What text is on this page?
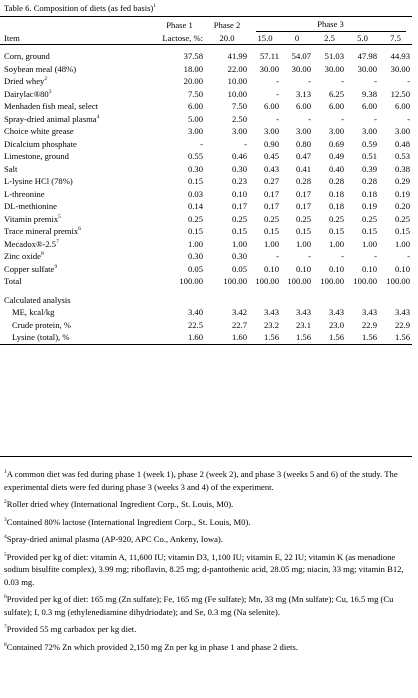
Table 6. Composition of diets (as fed basis)$^1$
	Phase 1	Phase 2	Phase 3				
Item	Lactose, %:	20.0	15.0	0	2.5	5.0	7.5

Corn, ground	37.58	41.99	57.11	54.07	51.03	47.98	44.93
Soybean meal (48%)	18.00	22.00	30.00	30.00	30.00	30.00	30.00
Dried whey$^2$	20.00	10.00	-	-	-	-	-
$Dairylac®80^3$	7.50	10.00	-	3.13	6.25	9.38	12.50
Menhaden fish meal, select	6.00	7.50	6.00	6.00	6.00	6.00	6.00
Spray-dried animal plasma$^4$	5.00	2.50	-	-	-	-	-
Choice white grease	3.00	3.00	3.00	3.00	3.00	3.00	3.00
Dicalcium phosphate	-	-	0.90	0.80	0.69	0.59	0.48
Limestone, ground	0.55	0.46	0.45	0.47	0.49	0.51	0.53
Salt	0.30	0.30	0.43	0.41	0.40	0.39	0.38
L-lysine HCl (78%)	0.15	0.23	0.27	0.28	0.28	0.28	0.29
L-threonine	0.03	0.10	0.17	0.17	0.18	0.18	0.19
DL-methionine	0.14	0.17	0.17	0.17	0.18	0.19	0.20
Vitamin premix$^5$	0.25	0.25	0.25	0.25	0.25	0.25	0.25
Trace mineral premix$^6$	0.15	0.15	0.15	0.15	0.15	0.15	0.15
$Mecadox®-2.5^7$	1.00	1.00	1.00	1.00	1.00	1.00	1.00
Zinc oxide$^8$	0.30	0.30	-	-	-	-	-
Copper sulfate$^9$	0.05	0.05	0.10	0.10	0.10	0.10	0.10
Total	100.00	100.00	100.00	100.00	100.00	100.00	100.00

Calculated analysis							
ME, kcal/kg	3.40	3.42	3.43	3.43	3.43	3.43	3.43
Crude protein, %	22.5	22.7	23.2	23.1	23.0	22.9	22.9
Lysine (total), %	1.60	1.60	1.56	1.56	1.56	1.56	1.56
$^1$A common diet was fed during phase 1 (week 1), phase 2 (week 2), and phase 3 (weeks 5 and 6) of the study. The experimental diets were fed during phase 3 (weeks 3 and 4) of the experiment.
$^2$Roller dried whey (International Ingredient Corp., St. Louis, M0).
$^3$Contained 80% lactose (International Ingredient Corp., St. Louis, M0).
$^4$Spray-dried animal plasma (AP-920, APC Co., Ankeny, Iowa).
$^5$Provided per kg of diet: vitamin A, 11,600 IU; vitamin D3, 1,100 IU; vitamin E, 22 IU; vitamin K (as menadione sodium bisulfite complex), 3.99 mg; riboflavin, 8.25 mg; d-pantothenic acid, 28.05 mg; niacin, 33 mg; vitamin B12, 0.03 mg.
$^6$Provided per kg of diet: 165 mg (Zn sulfate); Fe, 165 mg (Fe sulfate); Mn, 33 mg (Mn sulfate); Cu, 16.5 mg (Cu sulfate); I, 0.3 mg (ethylenediamine dihydriodate); and Se, 0.3 mg (Na selenite).
$^7$Provided 55 mg carbadox per kg diet.
$^8$Contained 72% Zn which provided 2,150 mg Zn per kg in phase 1 and phase 2 diets.
